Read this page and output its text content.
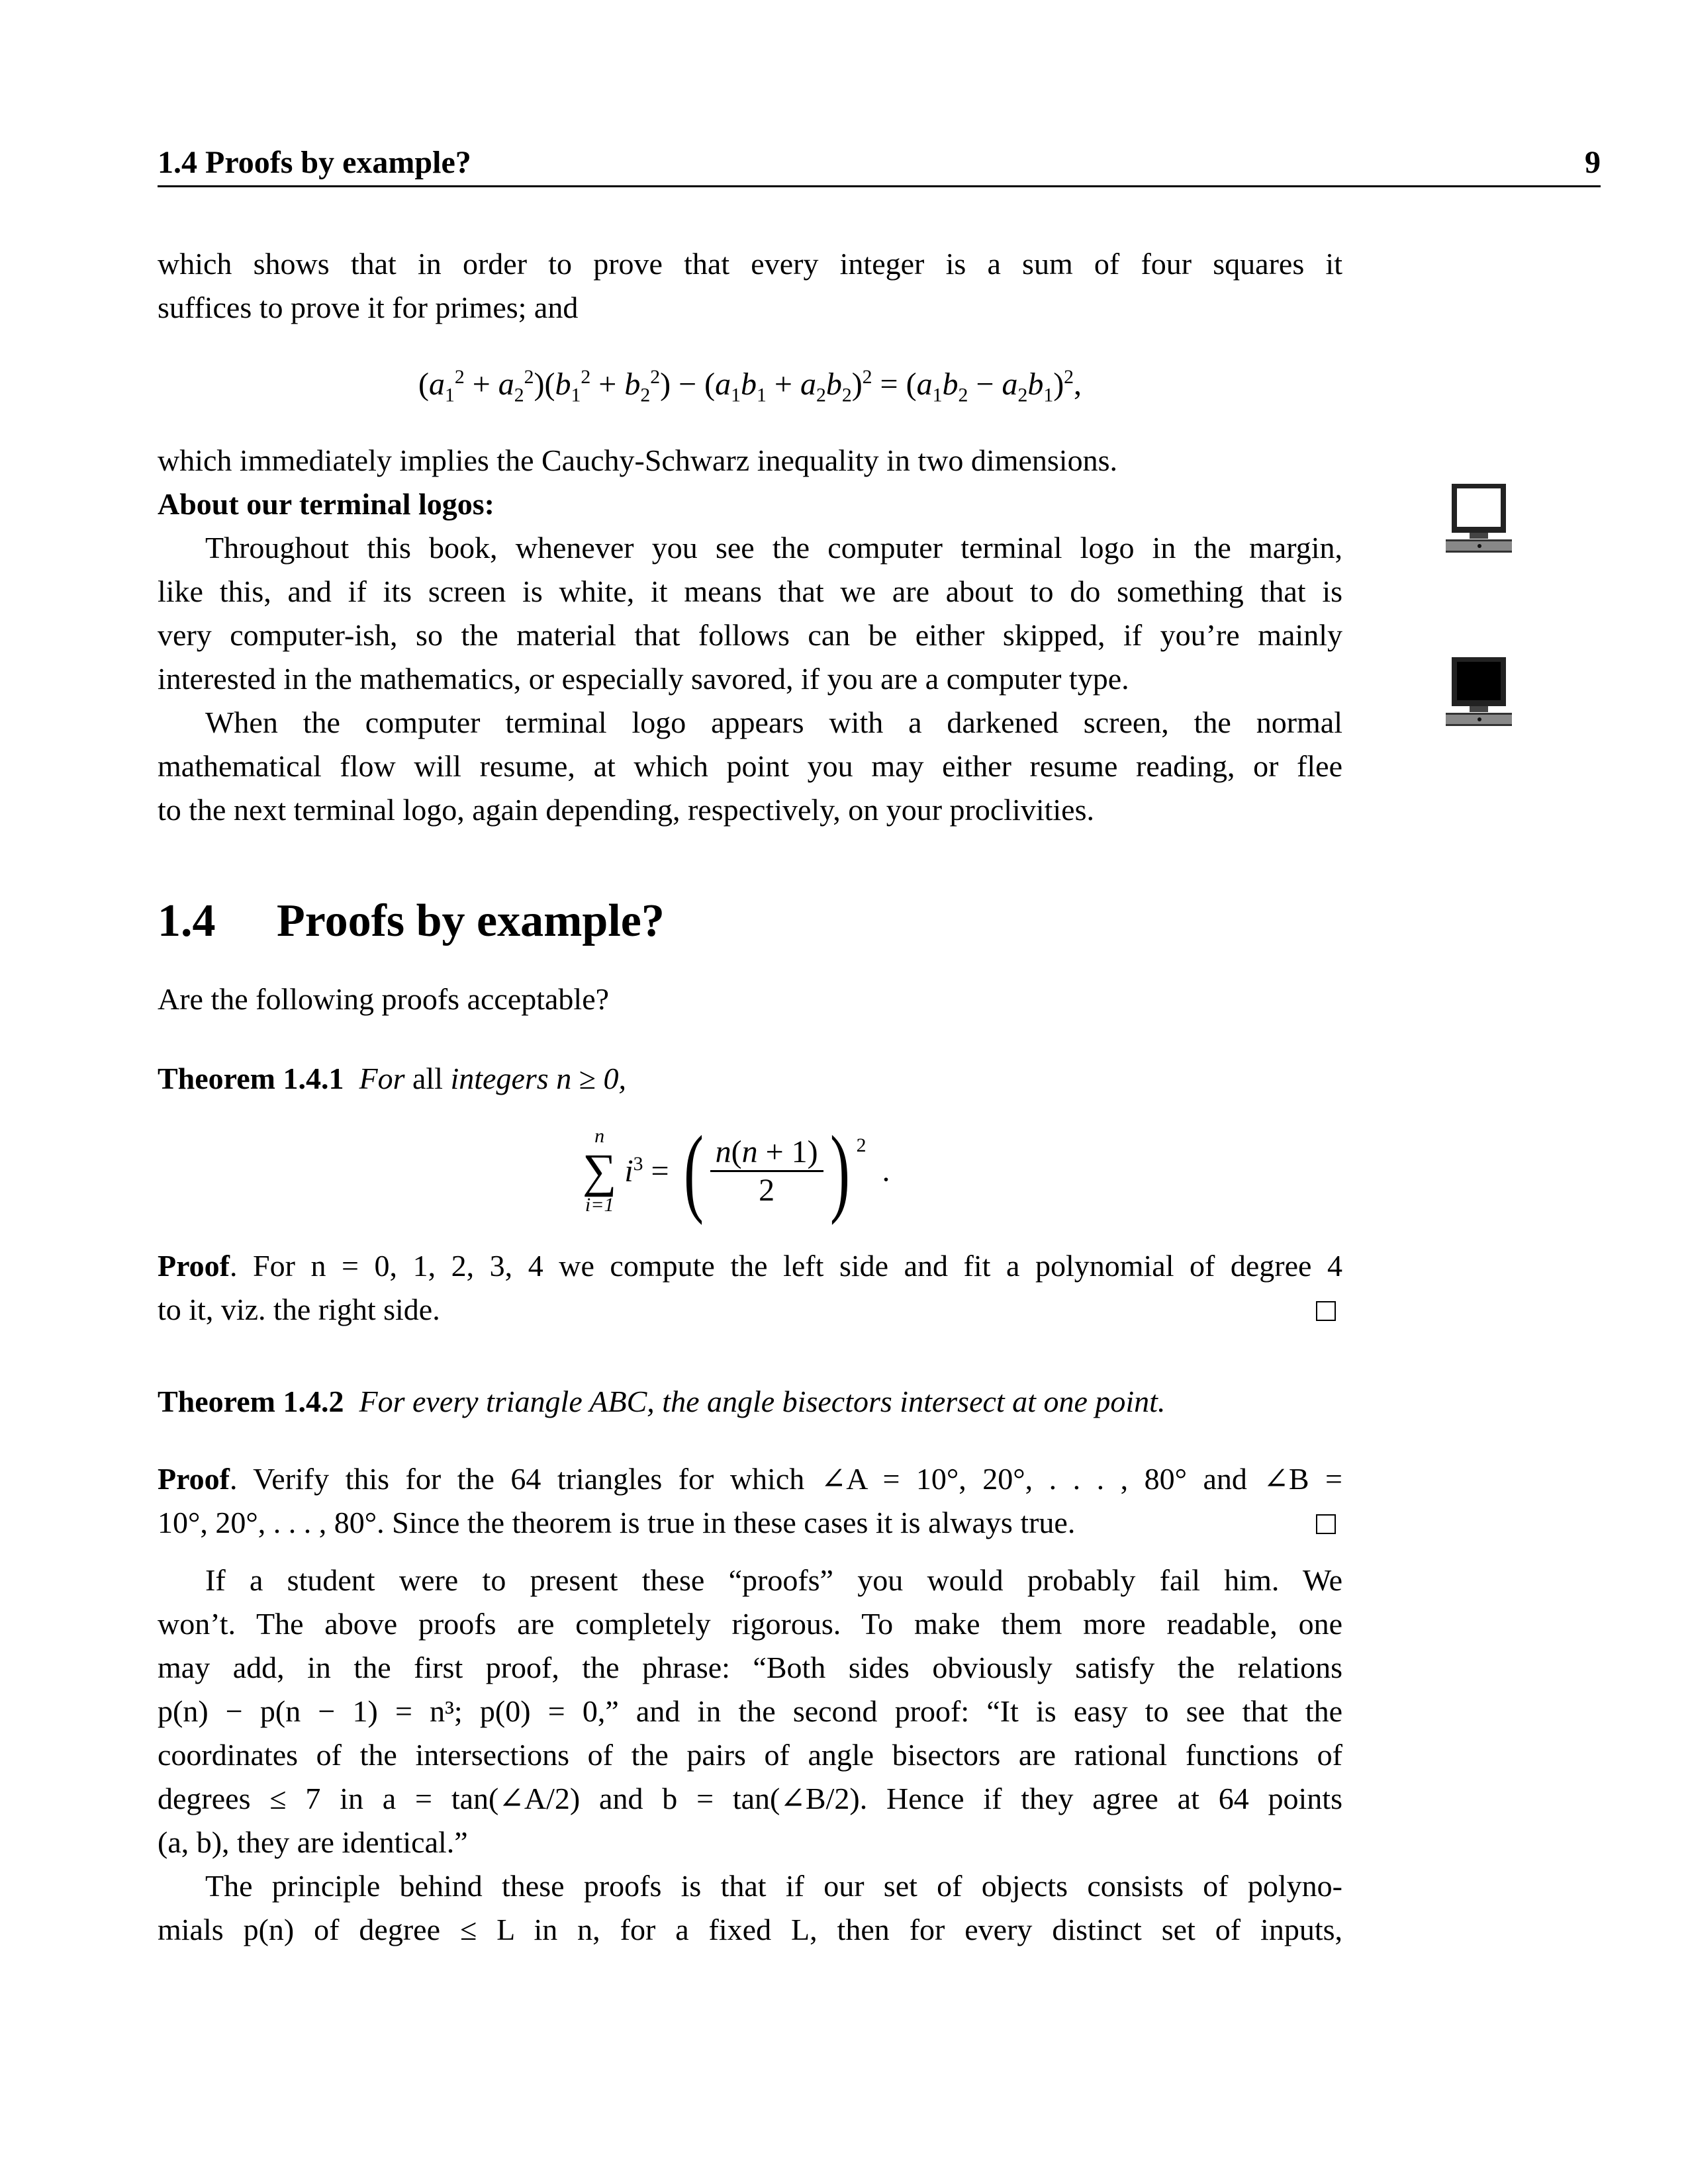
1.4 Proofs by example?	9
which shows that in order to prove that every integer is a sum of four squares it
suffices to prove it for primes; and
$(a_1^2 + a_2^2)(b_1^2 + b_2^2) - (a_1b_1 + a_2b_2)^2 = (a_1b_2 - a_2b_1)^2$,
which immediately implies the Cauchy-Schwarz inequality in two dimensions.
About our terminal logos:
Throughout this book, whenever you see the computer terminal logo in the margin,
like this, and if its screen is white, it means that we are about to do something that is
very computer-ish, so the material that follows can be either skipped, if you’re mainly
interested in the mathematics, or especially savored, if you are a computer type.
When the computer terminal logo appears with a darkened screen, the normal
mathematical flow will resume, at which point you may either resume reading, or flee
to the next terminal logo, again depending, respectively, on your proclivities.
1.4 Proofs by example?
Are the following proofs acceptable?
Theorem 1.4.1 For all integers n ≥ 0,
n
∑
i=1
$i^3$ = ( $\frac{n(n + 1)}{2}$ ) $^2$  .
Proof. For n = 0, 1, 2, 3, 4 we compute the left side and fit a polynomial of degree 4
to it, viz. the right side.
Theorem 1.4.2 For every triangle ABC, the angle bisectors intersect at one point.
Proof. Verify this for the 64 triangles for which ∠A = 10°, 20°, . . . , 80° and ∠B =
10°, 20°, . . . , 80°. Since the theorem is true in these cases it is always true.
If a student were to present these “proofs” you would probably fail him. We
won’t. The above proofs are completely rigorous. To make them more readable, one
may add, in the first proof, the phrase: “Both sides obviously satisfy the relations
p(n) − p(n − 1) = n³; p(0) = 0,” and in the second proof: “It is easy to see that the
coordinates of the intersections of the pairs of angle bisectors are rational functions of
degrees ≤ 7 in a = tan(∠A/2) and b = tan(∠B/2). Hence if they agree at 64 points
(a, b), they are identical.”
The principle behind these proofs is that if our set of objects consists of polyno-
mials p(n) of degree ≤ L in n, for a fixed L, then for every distinct set of inputs,
